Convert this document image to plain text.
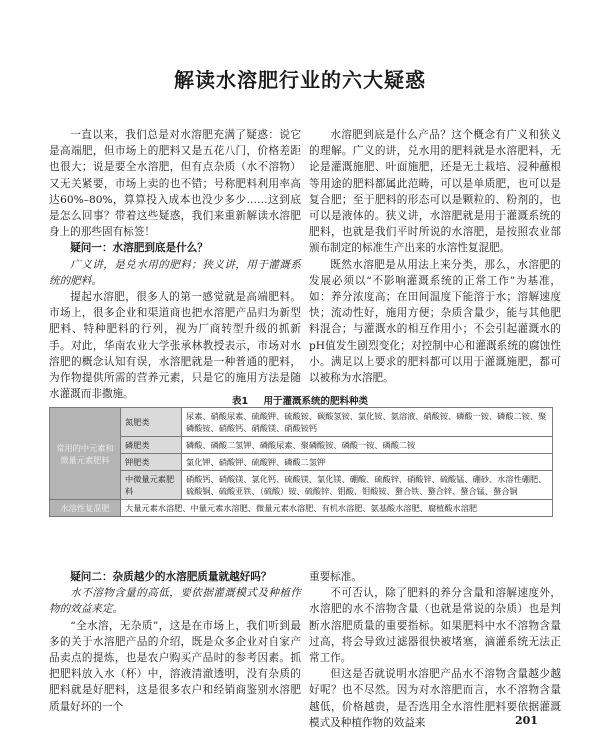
解读水溶肥行业的六大疑惑

一直以来，我们总是对水溶肥充满了疑惑：说它是高端肥，但市场上的肥料又是五花八门，价格差距也很大；说是要全水溶肥，但有点杂质（水不溶物）又无关紧要，市场上卖的也不错；号称肥料利用率高达60%–80%，算算投入成本也没少多少……这到底是怎么回事？带着这些疑惑，我们来重新解读水溶肥身上的那些固有标签！

疑问一：水溶肥到底是什么？

广义讲，是兑水用的肥料；狭义讲，用于灌溉系统的肥料。

提起水溶肥，很多人的第一感觉就是高端肥料。市场上，很多企业和渠道商也把水溶肥产品归为新型肥料、特种肥料的行列，视为厂商转型升级的抓新手。对此，华南农业大学张承林教授表示，市场对水溶肥的概念认知有误，水溶肥就是一种普通的肥料，为作物提供所需的营养元素，只是它的施用方法是随水灌溉而非撒施。

水溶肥到底是什么产品？这个概念有广义和狭义的理解。广义的讲，兑水用的肥料就是水溶肥料，无论是灌溉施肥、叶面施肥，还是无土栽培、浸种蘸根等用途的肥料都属此范畴，可以是单质肥，也可以是复合肥；至于肥料的形态可以是颗粒的、粉剂的，也可以是液体的。狭义讲，水溶肥就是用于灌溉系统的肥料，也就是我们平时所说的水溶肥，是按照农业部颁布制定的标准生产出来的水溶性复混肥。

既然水溶肥是从用法上来分类，那么，水溶肥的发展必须以“不影响灌溉系统的正常工作”为基准，如：养分浓度高；在田间温度下能溶于水；溶解速度快；流动性好，施用方便；杂质含量少，能与其他肥料混合；与灌溉水的相互作用小；不会引起灌溉水的pH值发生剧烈变化；对控制中心和灌溉系统的腐蚀性小。满足以上要求的肥料都可以用于灌溉施肥，都可以被称为水溶肥。

表1 用于灌溉系统的肥料种类
常用的中元素和微量元素肥料	氮肥类	尿素、硝酸尿素、硫酸钾、硫酸铵、碳酸氢铵、氯化铵、氨溶液、硝酸铵、磷酸一铵、磷酸二铵、聚磷酸铵、硝酸钙、硝酸镁、硝酸铵钙
	磷肥类	磷酸、磷酸二氢钾、磷酸尿素、聚磷酸铵、磷酸一铵、磷酸二铵
	钾肥类	氯化钾、硝酸钾、硫酸钾、磷酸二氢钾
	中微量元素肥料	硝酸钙、硝酸镁、氯化钙、硫酸镁、氯化镁、硼酸、硫酸锌、硝酸锌、硫酸锰、硼砂、水溶性硼肥、硫酸铜、硫酸亚铁、（硫酸）铵、硫酸锌、钼酸、钼酸铵、螯合铁、螯合锌、螯合锰、螯合铜
水溶性复混肥	大量元素水溶肥、中量元素水溶肥、微量元素水溶肥、有机水溶肥、氨基酸水溶肥、腐植酸水溶肥	

疑问二：杂质越少的水溶肥质量就越好吗？

水不溶物含量的高低，要依据灌溉模式及种植作物的效益来定。

“全水溶，无杂质”，这是在市场上，我们听到最多的关于水溶肥产品的介绍，既是众多企业对自家产品卖点的提炼，也是农户购买产品时的参考因素。抓把肥料放入水（杯）中，溶液清澈透明，没有杂质的肥料就是好肥料，这是很多农户和经销商鉴别水溶肥质量好坏的一个

重要标准。

不可否认，除了肥料的养分含量和溶解速度外，水溶肥的水不溶物含量（也就是常说的杂质）也是判断水溶肥质量的重要指标。如果肥料中水不溶物含量过高，将会导致过滤器很快被堵塞，滴灌系统无法正常工作。

但这是否就说明水溶肥产品水不溶物含量越少越好呢？也不尽然。因为对水溶肥而言，水不溶物含量越低，价格越贵，是否选用全水溶性肥料要依据灌溉模式及种植作物的效益来	201
